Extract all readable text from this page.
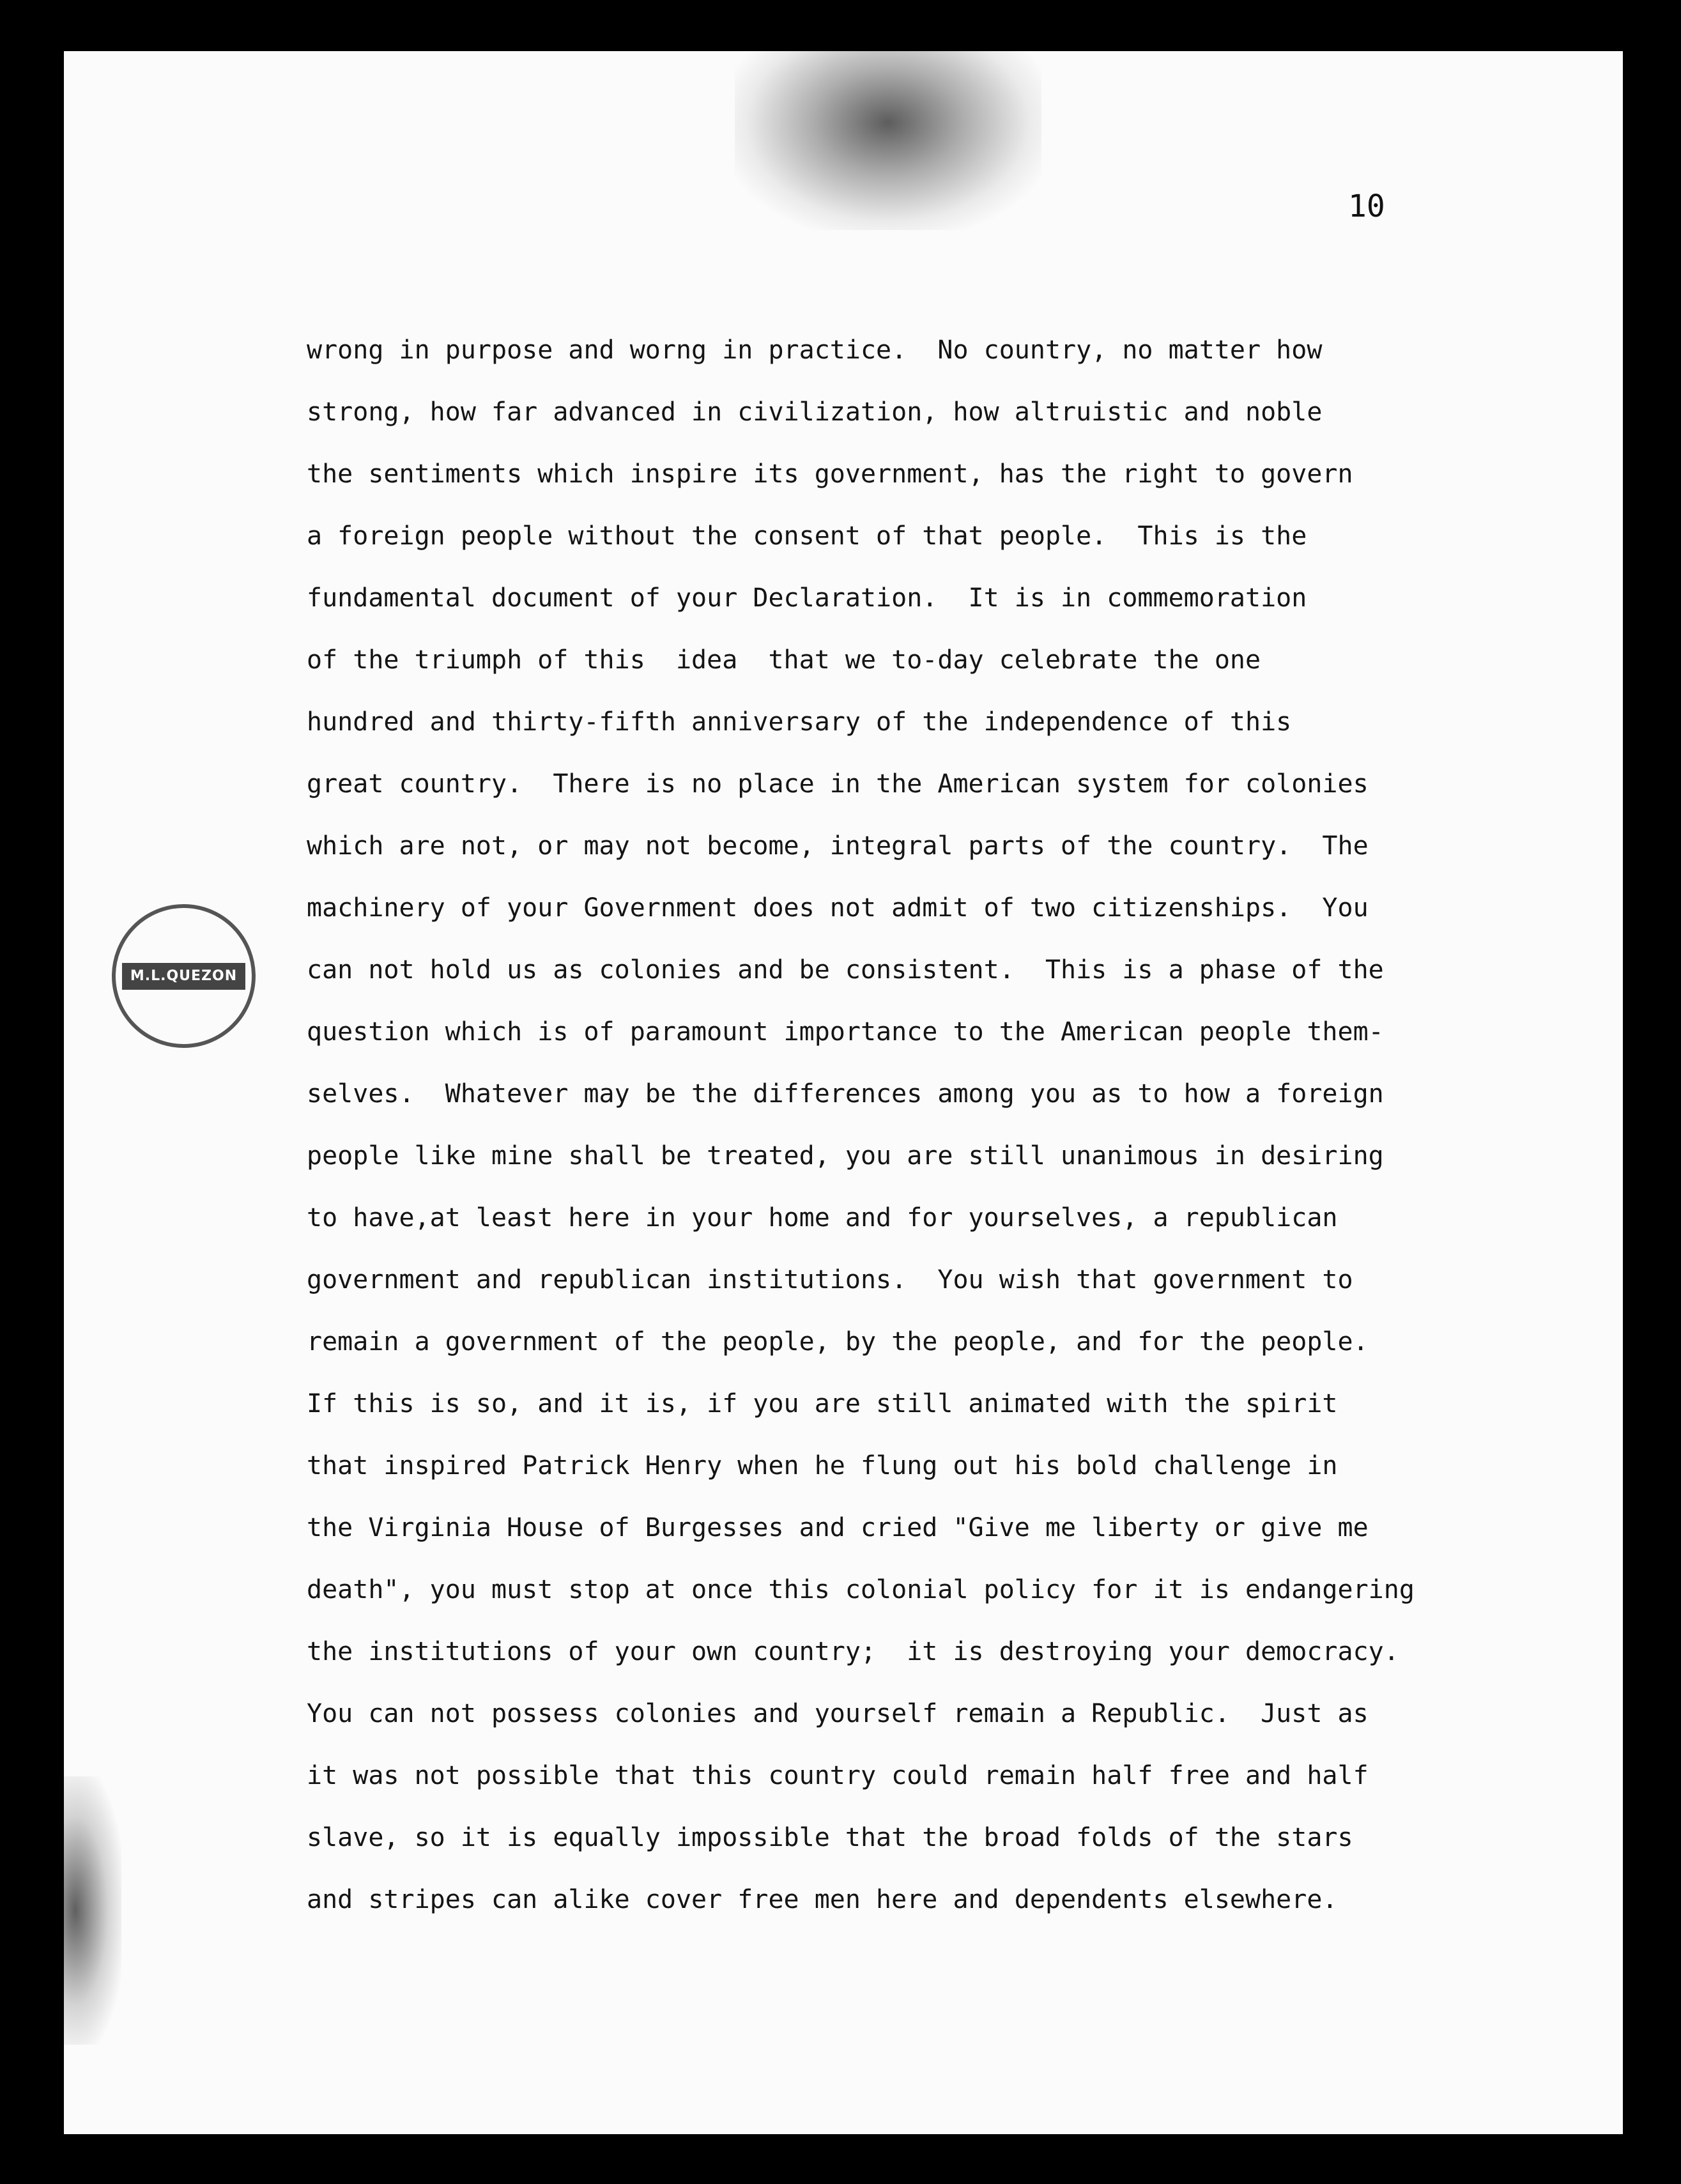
10
M.L.QUEZON
wrong in purpose and worng in practice.  No country, no matter how
strong, how far advanced in civilization, how altruistic and noble
the sentiments which inspire its government, has the right to govern
a foreign people without the consent of that people.  This is the
fundamental document of your Declaration.  It is in commemoration
of the triumph of this  idea  that we to-day celebrate the one
hundred and thirty-fifth anniversary of the independence of this
great country.  There is no place in the American system for colonies
which are not, or may not become, integral parts of the country.  The
machinery of your Government does not admit of two citizenships.  You
can not hold us as colonies and be consistent.  This is a phase of the
question which is of paramount importance to the American people them-
selves.  Whatever may be the differences among you as to how a foreign
people like mine shall be treated, you are still unanimous in desiring
to have,at least here in your home and for yourselves, a republican
government and republican institutions.  You wish that government to
remain a government of the people, by the people, and for the people.
If this is so, and it is, if you are still animated with the spirit
that inspired Patrick Henry when he flung out his bold challenge in
the Virginia House of Burgesses and cried "Give me liberty or give me
death", you must stop at once this colonial policy for it is endangering
the institutions of your own country;  it is destroying your democracy.
You can not possess colonies and yourself remain a Republic.  Just as
it was not possible that this country could remain half free and half
slave, so it is equally impossible that the broad folds of the stars
and stripes can alike cover free men here and dependents elsewhere.
